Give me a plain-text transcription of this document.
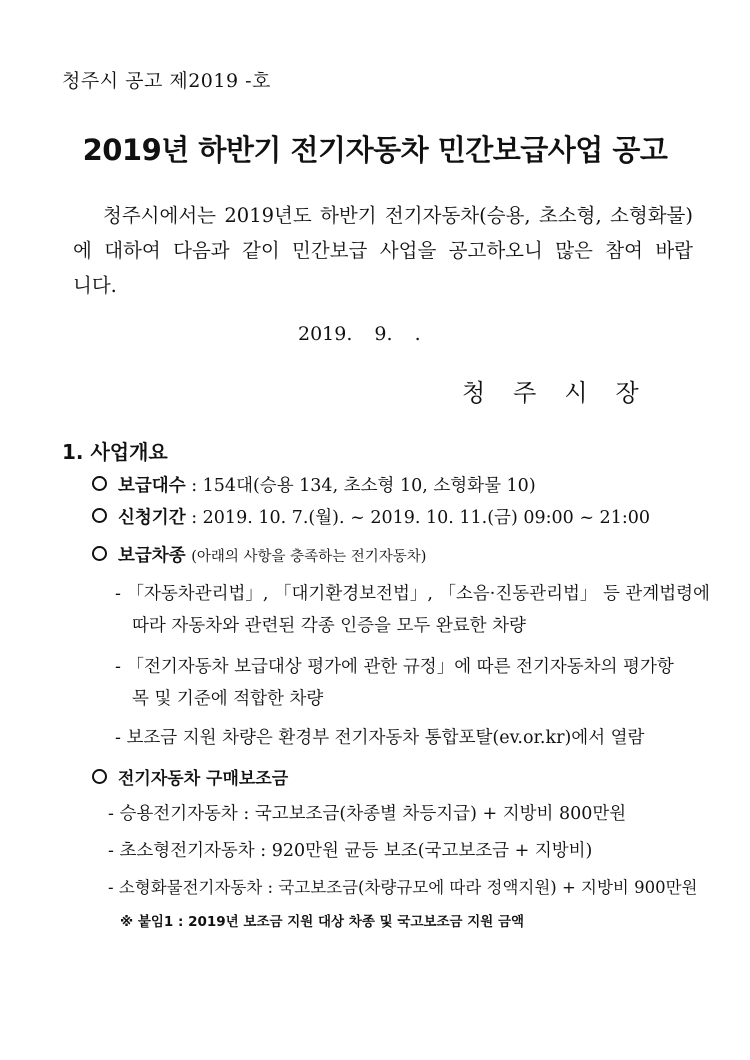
청주시 공고 제2019 -호
2019년 하반기 전기자동차 민간보급사업 공고

청주시에서는 2019년도 하반기 전기자동차(승용, 초소형, 소형화물)

에 대하여 다음과 같이 민간보급 사업을 공고하오니 많은 참여 바랍

니다.

2019. 9. .
청주시장
1. 사업개요
보급대수 : 154대(승용 134, 초소형 10, 소형화물 10)
신청기간 : 2019. 10. 7.(월). ~ 2019. 10. 11.(금) 09:00 ~ 21:00
보급차종 (아래의 사항을 충족하는 전기자동차)
- 「자동차관리법」, 「대기환경보전법」, 「소음·진동관리법」 등 관계법령에
따라 자동차와 관련된 각종 인증을 모두 완료한 차량
- 「전기자동차 보급대상 평가에 관한 규정」에 따른 전기자동차의 평가항
목 및 기준에 적합한 차량
- 보조금 지원 차량은 환경부 전기자동차 통합포탈(ev.or.kr)에서 열람
전기자동차 구매보조금
- 승용전기자동차 : 국고보조금(차종별 차등지급) + 지방비 800만원
- 초소형전기자동차 : 920만원 균등 보조(국고보조금 + 지방비)
- 소형화물전기자동차 : 국고보조금(차량규모에 따라 정액지원) + 지방비 900만원
※ 붙임1 : 2019년 보조금 지원 대상 차종 및 국고보조금 지원 금액
